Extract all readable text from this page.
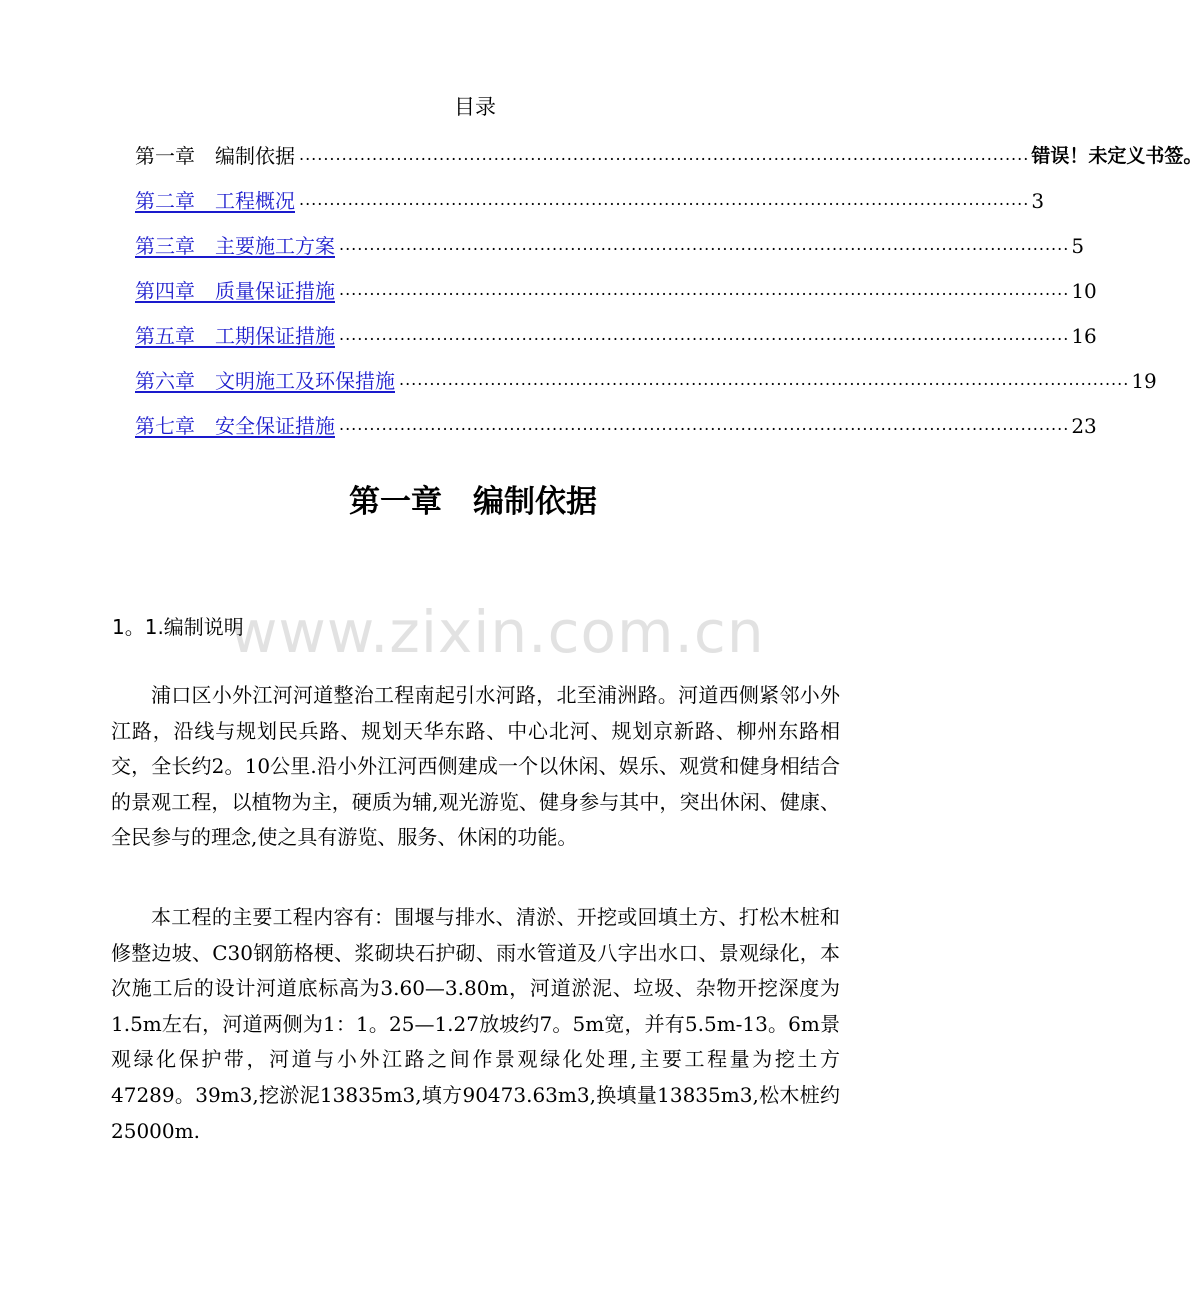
www.zixin.com.cn
目录
第一章　编制依据 ........................................................................................................................ 错误！未定义书签。
第二章　工程概况 ........................................................................................................................ 3
第三章　主要施工方案 ........................................................................................................................ 5
第四章　质量保证措施 ........................................................................................................................ 10
第五章　工期保证措施 ........................................................................................................................ 16
第六章　文明施工及环保措施 ........................................................................................................................ 19
第七章　安全保证措施 ........................................................................................................................ 23
第一章　编制依据
1。1.编制说明

浦口区小外江河河道整治工程南起引水河路，北至浦洲路。河道西侧紧邻小外江路，沿线与规划民兵路、规划天华东路、中心北河、规划京新路、柳州东路相交，全长约2。10公里.沿小外江河西侧建成一个以休闲、娱乐、观赏和健身相结合的景观工程，以植物为主，硬质为辅,观光游览、健身参与其中，突出休闲、健康、全民参与的理念,使之具有游览、服务、休闲的功能。

本工程的主要工程内容有：围堰与排水、清淤、开挖或回填土方、打松木桩和修整边坡、C30钢筋格梗、浆砌块石护砌、雨水管道及八字出水口、景观绿化，本次施工后的设计河道底标高为3.60—3.80m，河道淤泥、垃圾、杂物开挖深度为1.5m左右，河道两侧为1：1。25—1.27放坡约7。5m宽，并有5.5m-13。6m景观绿化保护带，河道与小外江路之间作景观绿化处理,主要工程量为挖土方47289。39m3,挖淤泥13835m3,填方90473.63m3,换填量13835m3,松木桩约25000m.
